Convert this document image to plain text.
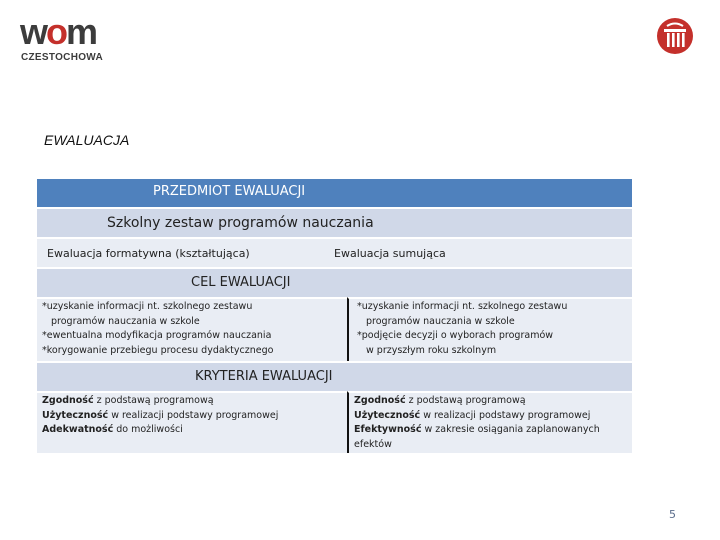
wom
CZESTOCHOWA
EWALUACJA
PRZEDMIOT EWALUACJI
Szkolny zestaw programów nauczania
Ewaluacja formatywna (kształtująca)	Ewaluacja sumująca
CEL EWALUACJI
*uzyskanie informacji nt. szkolnego zestawu
programów nauczania w szkole
*ewentualna modyfikacja programów nauczania
*korygowanie przebiegu procesu dydaktycznego
*uzyskanie informacji nt. szkolnego zestawu
programów nauczania w szkole
*podjęcie decyzji o wyborach programów
w przyszłym roku szkolnym
KRYTERIA EWALUACJI
Zgodność z podstawą programową
Użyteczność w realizacji podstawy programowej
Adekwatność do możliwości
Zgodność z podstawą programową
Użyteczność w realizacji podstawy programowej
Efektywność w zakresie osiągania zaplanowanych
efektów
5
